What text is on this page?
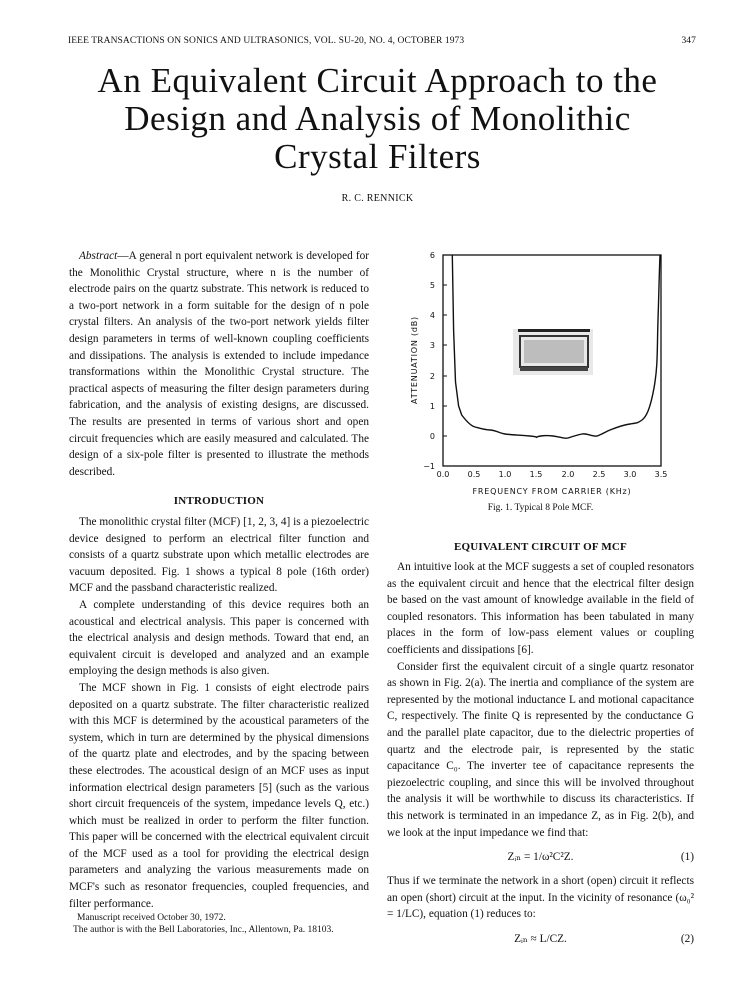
IEEE TRANSACTIONS ON SONICS AND ULTRASONICS, VOL. SU-20, NO. 4, OCTOBER 1973	347
An Equivalent Circuit Approach to the
Design and Analysis of Monolithic
Crystal Filters
R. C. RENNICK

Abstract—A general n port equivalent network is developed for the Monolithic Crystal structure, where n is the number of electrode pairs on the quartz substrate. This network is reduced to a two-port network in a form suitable for the design of n pole crystal filters. An analysis of the two-port network yields filter design parameters in terms of well-known coupling coefficients and dissipations. The analysis is extended to include impedance transformations within the Monolithic Crystal structure. The practical aspects of measuring the filter design parameters during fabrication, and the analysis of existing designs, are discussed. The results are presented in terms of various short and open circuit frequencies which are easily measured and calculated. The design of a six-pole filter is presented to illustrate the methods described.

INTRODUCTION

The monolithic crystal filter (MCF) [1, 2, 3, 4] is a piezoelectric device designed to perform an electrical filter function and consists of a quartz substrate upon which metallic electrodes are vacuum deposited. Fig. 1 shows a typical 8 pole (16th order) MCF and the passband characteristic realized.

A complete understanding of this device requires both an acoustical and electrical analysis. This paper is concerned with the electrical analysis and design methods. Toward that end, an equivalent circuit is developed and analyzed and an example employing the design methods is also given.

The MCF shown in Fig. 1 consists of eight electrode pairs deposited on a quartz substrate. The filter characteristic realized with this MCF is determined by the acoustical parameters of the system, which in turn are determined by the physical dimensions of the quartz plate and electrodes, and by the spacing between these electrodes. The acoustical design of an MCF uses as input information electrical design parameters [5] (such as the various short circuit frequenceis of the system, impedance levels Q, etc.) which must be realized in order to perform the filter function. This paper will be concerned with the electrical equivalent circuit of the MCF used as a tool for providing the electrical design parameters and analyzing the various measurements made on MCF's such as resonator frequencies, coupled frequencies, and filter performance.

Manuscript received October 30, 1972.
The author is with the Bell Laboratories, Inc., Allentown, Pa. 18103.
6
5
4
3
2
1
0
−1
0.0 0.5 1.0 1.5 2.0 2.5 3.0 3.5
ATTENUATION (dB)
FREQUENCY FROM CARRIER (KHz)
Fig. 1. Typical 8 Pole MCF.
EQUIVALENT CIRCUIT OF MCF

An intuitive look at the MCF suggests a set of coupled resonators as the equivalent circuit and hence that the electrical filter design be based on the vast amount of knowledge available in the field of coupled resonators. This information has been tabulated in many places in the form of low-pass element values or coupling coefficients and dissipations [6].

Consider first the equivalent circuit of a single quartz resonator as shown in Fig. 2(a). The inertia and compliance of the system are represented by the motional inductance L and motional capacitance C, respectively. The finite Q is represented by the conductance G and the parallel plate capacitor, due to the dielectric properties of quartz and the electrode pair, is represented by the static capacitance C₀. The inverter tee of capacitance represents the piezoelectric coupling, and since this will be involved throughout the analysis it will be worthwhile to discuss its characteristics. If this network is terminated in an impedance Z, as in Fig. 2(b), and we look at the input impedance we find that:

Zᵢₙ = 1/ω²C²Z.	(1)

Thus if we terminate the network in a short (open) circuit it reflects an open (short) circuit at the input. In the vicinity of resonance (ω₀² = 1/LC), equation (1) reduces to:

Zᵢₙ ≈ L/CZ.	(2)
